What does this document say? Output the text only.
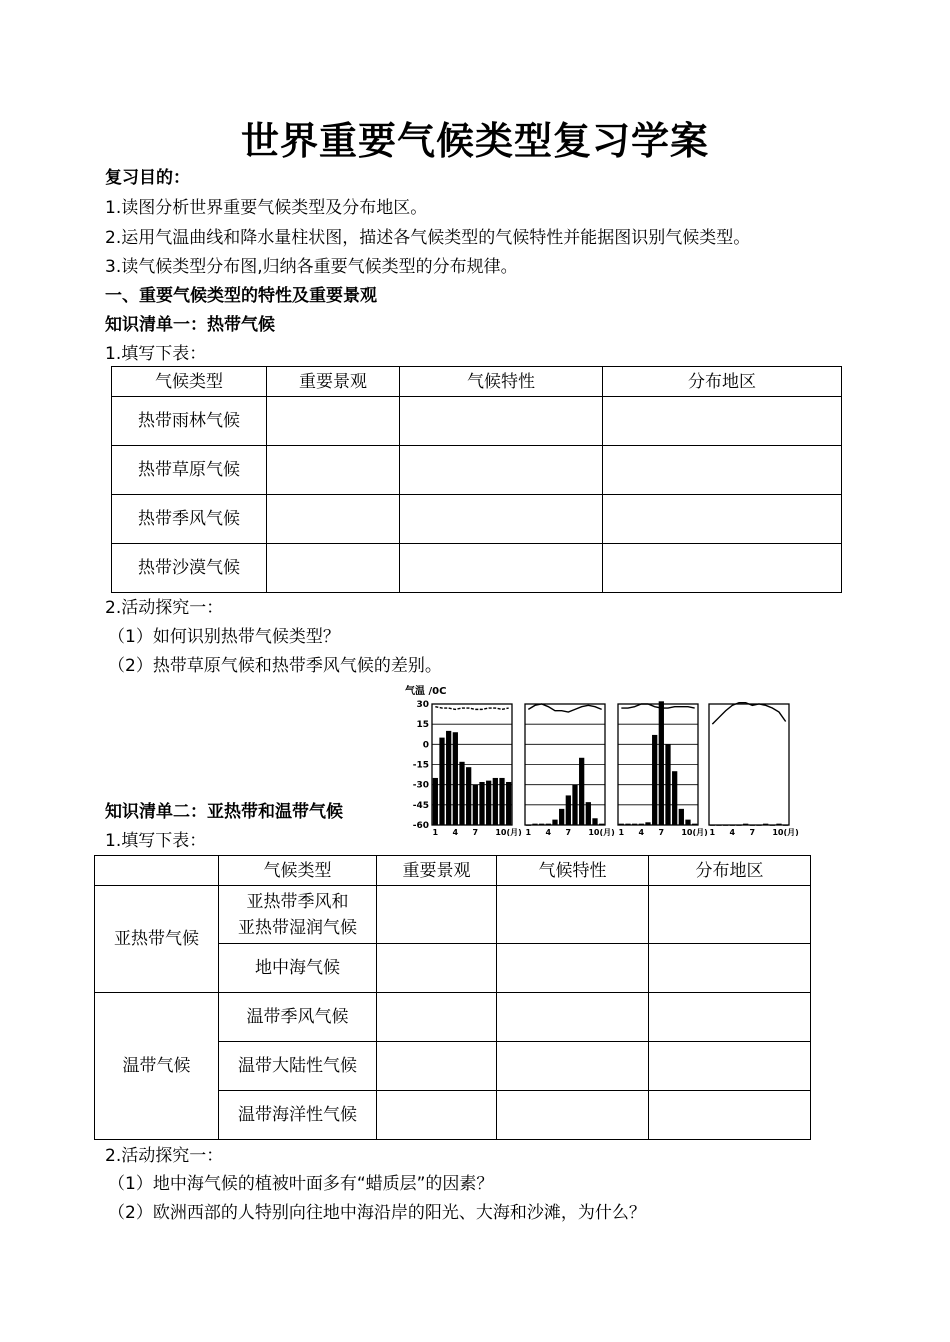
世界重要气候类型复习学案
复习目的：
1.读图分析世界重要气候类型及分布地区。
2.运用气温曲线和降水量柱状图，描述各气候类型的气候特性并能据图识别气候类型。
3.读气候类型分布图,归纳各重要气候类型的分布规律。
一、重要气候类型的特性及重要景观
知识清单一：热带气候
1.填写下表：
气候类型	重要景观	气候特性	分布地区
热带雨林气候			
热带草原气候			
热带季风气候			
热带沙漠气候			
2.活动探究一：
（1）如何识别热带气候类型？
（2）热带草原气候和热带季风气候的差别。
气温 /0C
30
15
0
-15
-30
-45
-60
1 4 7 10(月) 1 4 7 10(月) 1 4 7 10(月) 1 4 7 10(月)
知识清单二：亚热带和温带气候
1.填写下表：
	气候类型	重要景观	气候特性	分布地区
亚热带气候	亚热带季风和
亚热带湿润气候			

	地中海气候			
温带气候	温带季风气候			
	温带大陆性气候			
	温带海洋性气候			
2.活动探究一：
（1）地中海气候的植被叶面多有“蜡质层”的因素？
（2）欧洲西部的人特别向往地中海沿岸的阳光、大海和沙滩，为什么？
